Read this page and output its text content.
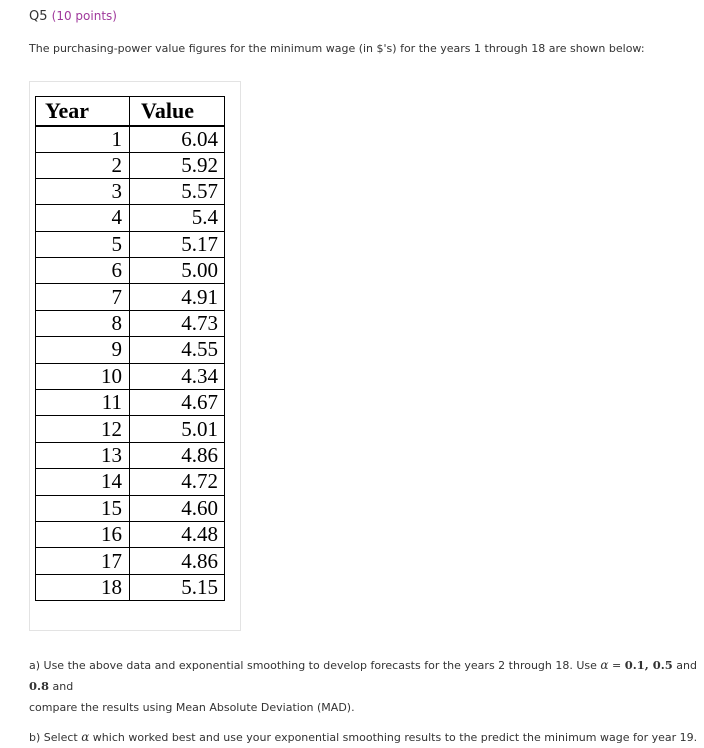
Q5 (10 points)
The purchasing-power value figures for the minimum wage (in $'s) for the years 1 through 18 are shown below:
Year	Value
1	6.04
2	5.92
3	5.57
4	5.4
5	5.17
6	5.00
7	4.91
8	4.73
9	4.55
10	4.34
11	4.67
12	5.01
13	4.86
14	4.72
15	4.60
16	4.48
17	4.86
18	5.15

a) Use the above data and exponential smoothing to develop forecasts for the years 2 through 18. Use α = 0.1, 0.5 and 0.8 and
compare the results using Mean Absolute Deviation (MAD).

b) Select α which worked best and use your exponential smoothing results to the predict the minimum wage for year 19.
